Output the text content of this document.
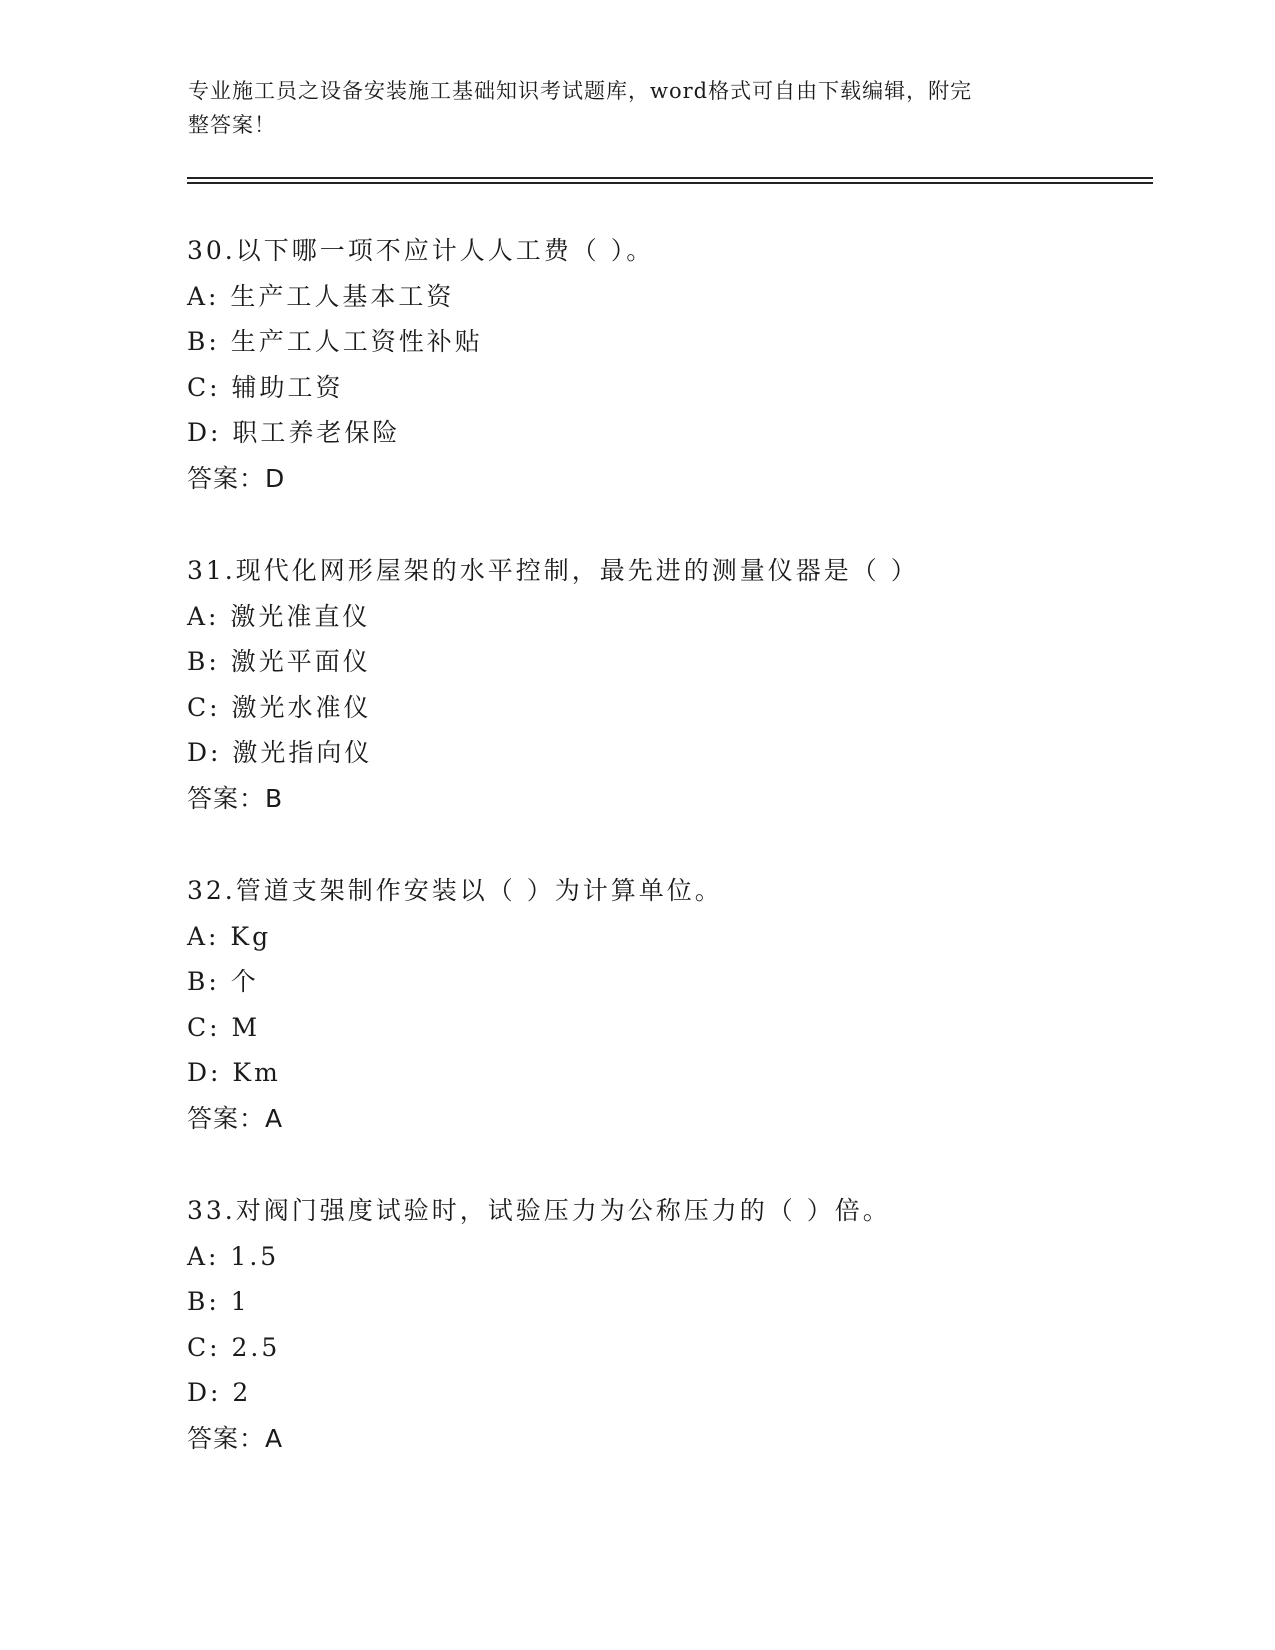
专业施工员之设备安装施工基础知识考试题库，word格式可自由下载编辑，附完
整答案！
30.以下哪一项不应计人人工费（ ）。
A: 生产工人基本工资
B: 生产工人工资性补贴
C: 辅助工资
D: 职工养老保险
答案：D
31.现代化网形屋架的水平控制，最先进的测量仪器是（ ）
A: 激光准直仪
B: 激光平面仪
C: 激光水准仪
D: 激光指向仪
答案：B
32.管道支架制作安装以（ ）为计算单位。
A: Kg
B: 个
C: M
D: Km
答案：A
33.对阀门强度试验时，试验压力为公称压力的（ ）倍。
A: 1.5
B: 1
C: 2.5
D: 2
答案：A
